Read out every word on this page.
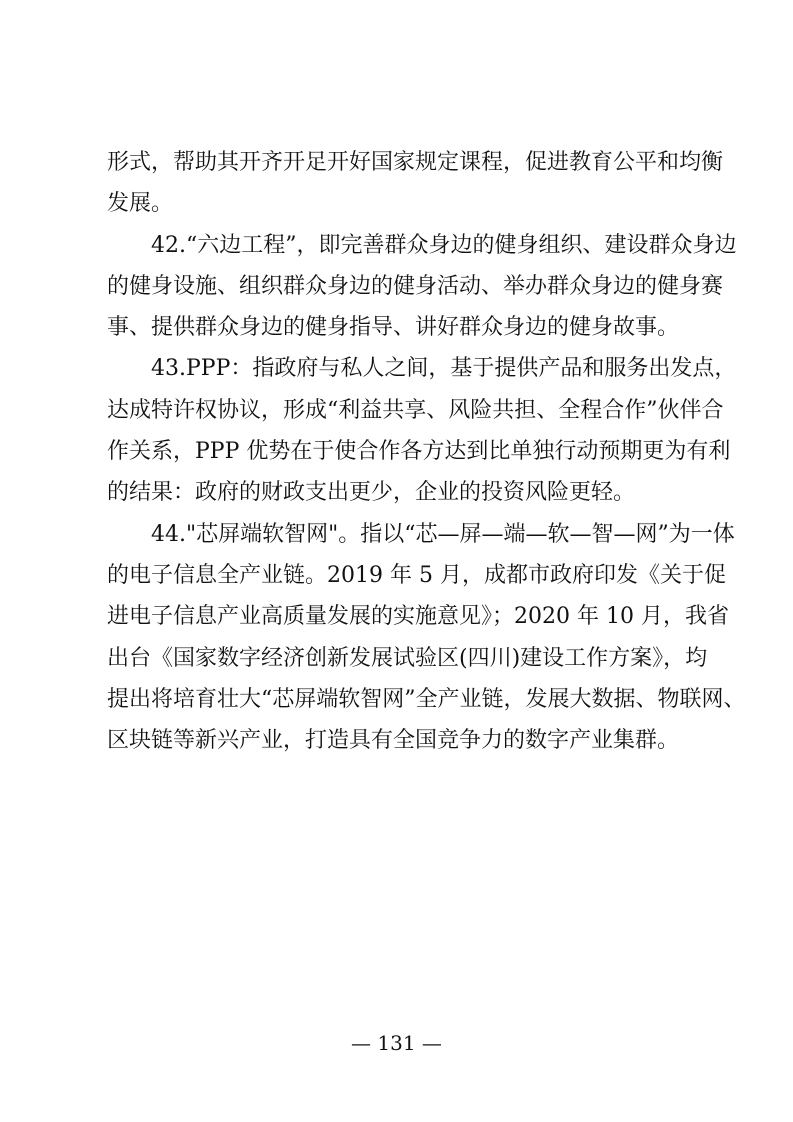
形式，帮助其开齐开足开好国家规定课程，促进教育公平和均衡
发展。
42.“六边工程”，即完善群众身边的健身组织、建设群众身边
的健身设施、组织群众身边的健身活动、举办群众身边的健身赛
事、提供群众身边的健身指导、讲好群众身边的健身故事。
43.PPP：指政府与私人之间，基于提供产品和服务出发点，
达成特许权协议，形成“利益共享、风险共担、全程合作”伙伴合
作关系，PPP 优势在于使合作各方达到比单独行动预期更为有利
的结果：政府的财政支出更少，企业的投资风险更轻。
44."芯屏端软智网"。指以“芯—屏—端—软—智—网”为一体
的电子信息全产业链。2019 年 5 月，成都市政府印发《关于促
进电子信息产业高质量发展的实施意见》；2020 年 10 月，我省
出台《国家数字经济创新发展试验区(四川)建设工作方案》，均
提出将培育壮大“芯屏端软智网”全产业链，发展大数据、物联网、
区块链等新兴产业，打造具有全国竞争力的数字产业集群。
— 131 —
